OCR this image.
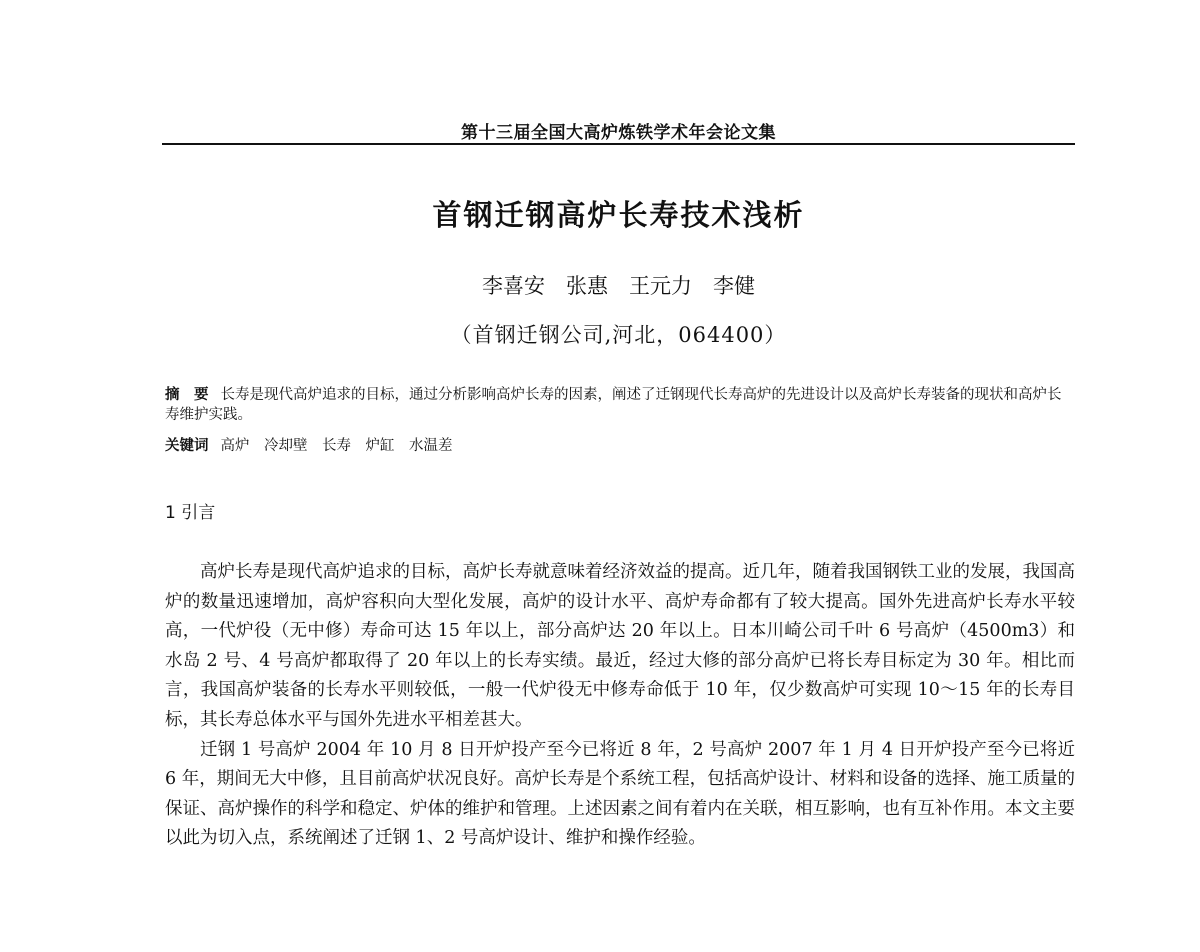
第十三届全国大高炉炼铁学术年会论文集
首钢迁钢高炉长寿技术浅析
李喜安　张惠　王元力　李健
（首钢迁钢公司,河北，064400）
摘　要 长寿是现代高炉追求的目标，通过分析影响高炉长寿的因素，阐述了迁钢现代长寿高炉的先进设计以及高炉长寿装备的现状和高炉长寿维护实践。
关键词 高炉　冷却壁　长寿　炉缸　水温差
1 引言

高炉长寿是现代高炉追求的目标，高炉长寿就意味着经济效益的提高。近几年，随着我国钢铁工业的发展，我国高炉的数量迅速增加，高炉容积向大型化发展，高炉的设计水平、高炉寿命都有了较大提高。国外先进高炉长寿水平较高，一代炉役（无中修）寿命可达 15 年以上，部分高炉达 20 年以上。日本川崎公司千叶 6 号高炉（4500m3）和水岛 2 号、4 号高炉都取得了 20 年以上的长寿实绩。最近，经过大修的部分高炉已将长寿目标定为 30 年。相比而言，我国高炉装备的长寿水平则较低，一般一代炉役无中修寿命低于 10 年，仅少数高炉可实现 10～15 年的长寿目标，其长寿总体水平与国外先进水平相差甚大。

迁钢 1 号高炉 2004 年 10 月 8 日开炉投产至今已将近 8 年，2 号高炉 2007 年 1 月 4 日开炉投产至今已将近 6 年，期间无大中修，且目前高炉状况良好。高炉长寿是个系统工程，包括高炉设计、材料和设备的选择、施工质量的保证、高炉操作的科学和稳定、炉体的维护和管理。上述因素之间有着内在关联，相互影响，也有互补作用。本文主要以此为切入点，系统阐述了迁钢 1、2 号高炉设计、维护和操作经验。
